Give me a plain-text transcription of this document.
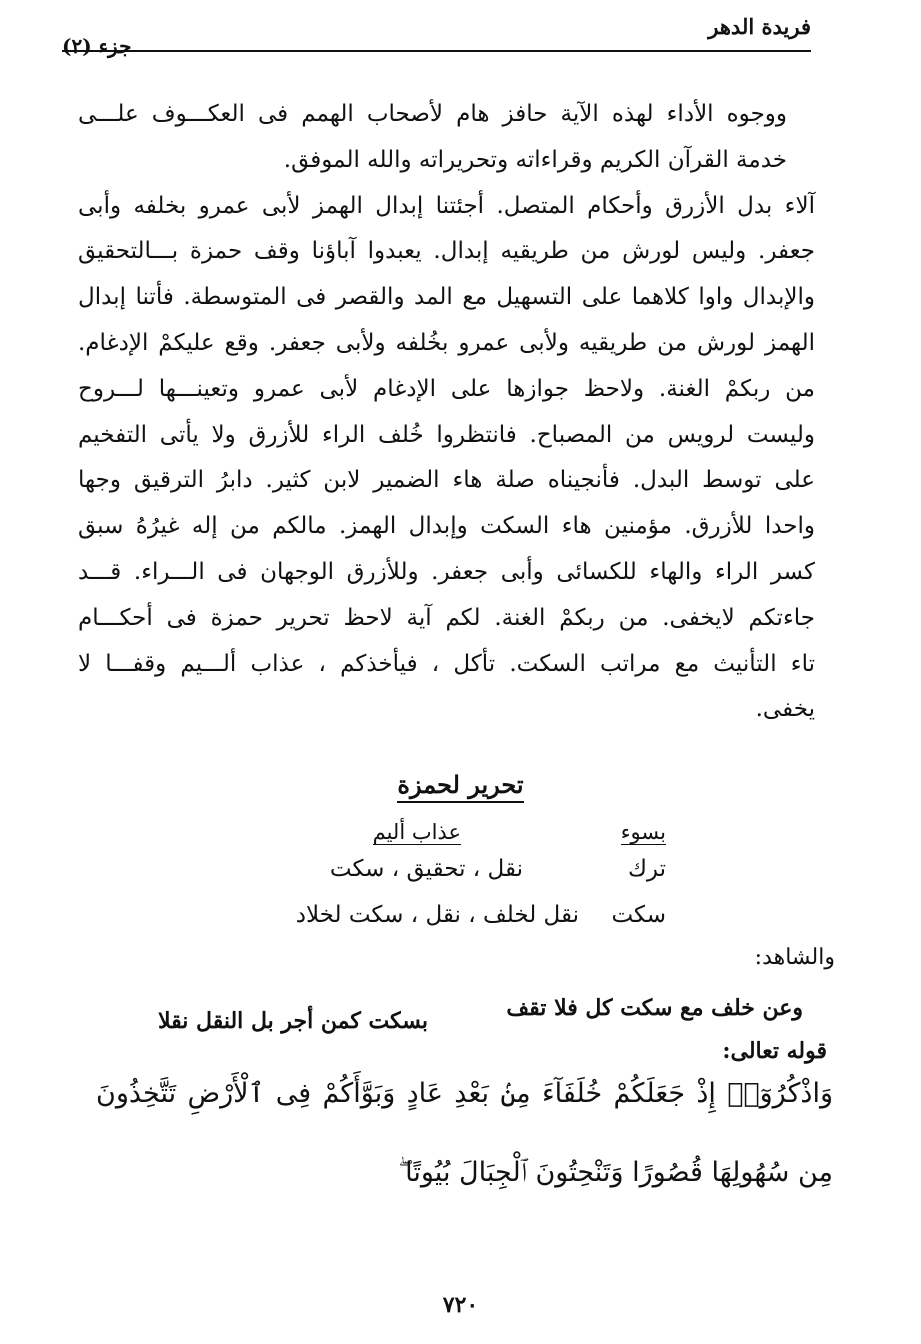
فريدة الدهر
جزء (٢)

ووجوه الأداء لهذه الآية حافز هام لأصحاب الهمم فى العكـــوف علـــى
خدمة القرآن الكريم وقراءاته وتحريراته والله الموفق.

آلاء بدل الأزرق وأحكام المتصل. أجئتنا إبدال الهمز لأبى عمرو بخلفه وأبى
جعفر. وليس لورش من طريقيه إبدال. يعبدوا آباؤنا وقف حمزة بـــالتحقيق
والإبدال واوا كلاهما على التسهيل مع المد والقصر فى المتوسطة. فأتنا إبدال
الهمز لورش من طريقيه ولأبى عمرو بخُلفه ولأبى جعفر. وقع عليكمْ الإدغام.
من ربكمْ الغنة. ولاحظ جوازها على الإدغام لأبى عمرو وتعينـــها لـــروح
وليست لرويس من المصباح. فانتظروا خُلف الراء للأزرق ولا يأتى التفخيم
على توسط البدل. فأنجيناه صلة هاء الضمير لابن كثير. دابرُ الترقيق وجها
واحدا للأزرق. مؤمنين هاء السكت وإبدال الهمز. مالكم من إله غيرُهُ سبق
كسر الراء والهاء للكسائى وأبى جعفر. وللأزرق الوجهان فى الـــراء. قـــد
جاءتكم لايخفى. من ربكمْ الغنة. لكم آية لاحظ تحرير حمزة فى أحكـــام
تاء التأنيث مع مراتب السكت. تأكل ، فيأخذكم ، عذاب ألـــيم وقفـــا لا
يخفى.

تحرير لحمزة
بسوء
عذاب أليم
ترك
نقل ، تحقيق ، سكت
سكت
نقل لخلف ، نقل ، سكت لخلاد
والشاهد:
وعن خلف مع سكت كل فلا تقف
بسكت كمن أجر بل النقل نقلا
قوله تعالى:
وَاذْكُرُوٓا۟ إِذْ جَعَلَكُمْ خُلَفَآءَ مِنۢ بَعْدِ عَادٍ وَبَوَّأَكُمْ فِى ٱلْأَرْضِ تَتَّخِذُونَ
مِن سُهُولِهَا قُصُورًا وَتَنْحِتُونَ ٱلْجِبَالَ بُيُوتًا ۖ
٧٢٠
